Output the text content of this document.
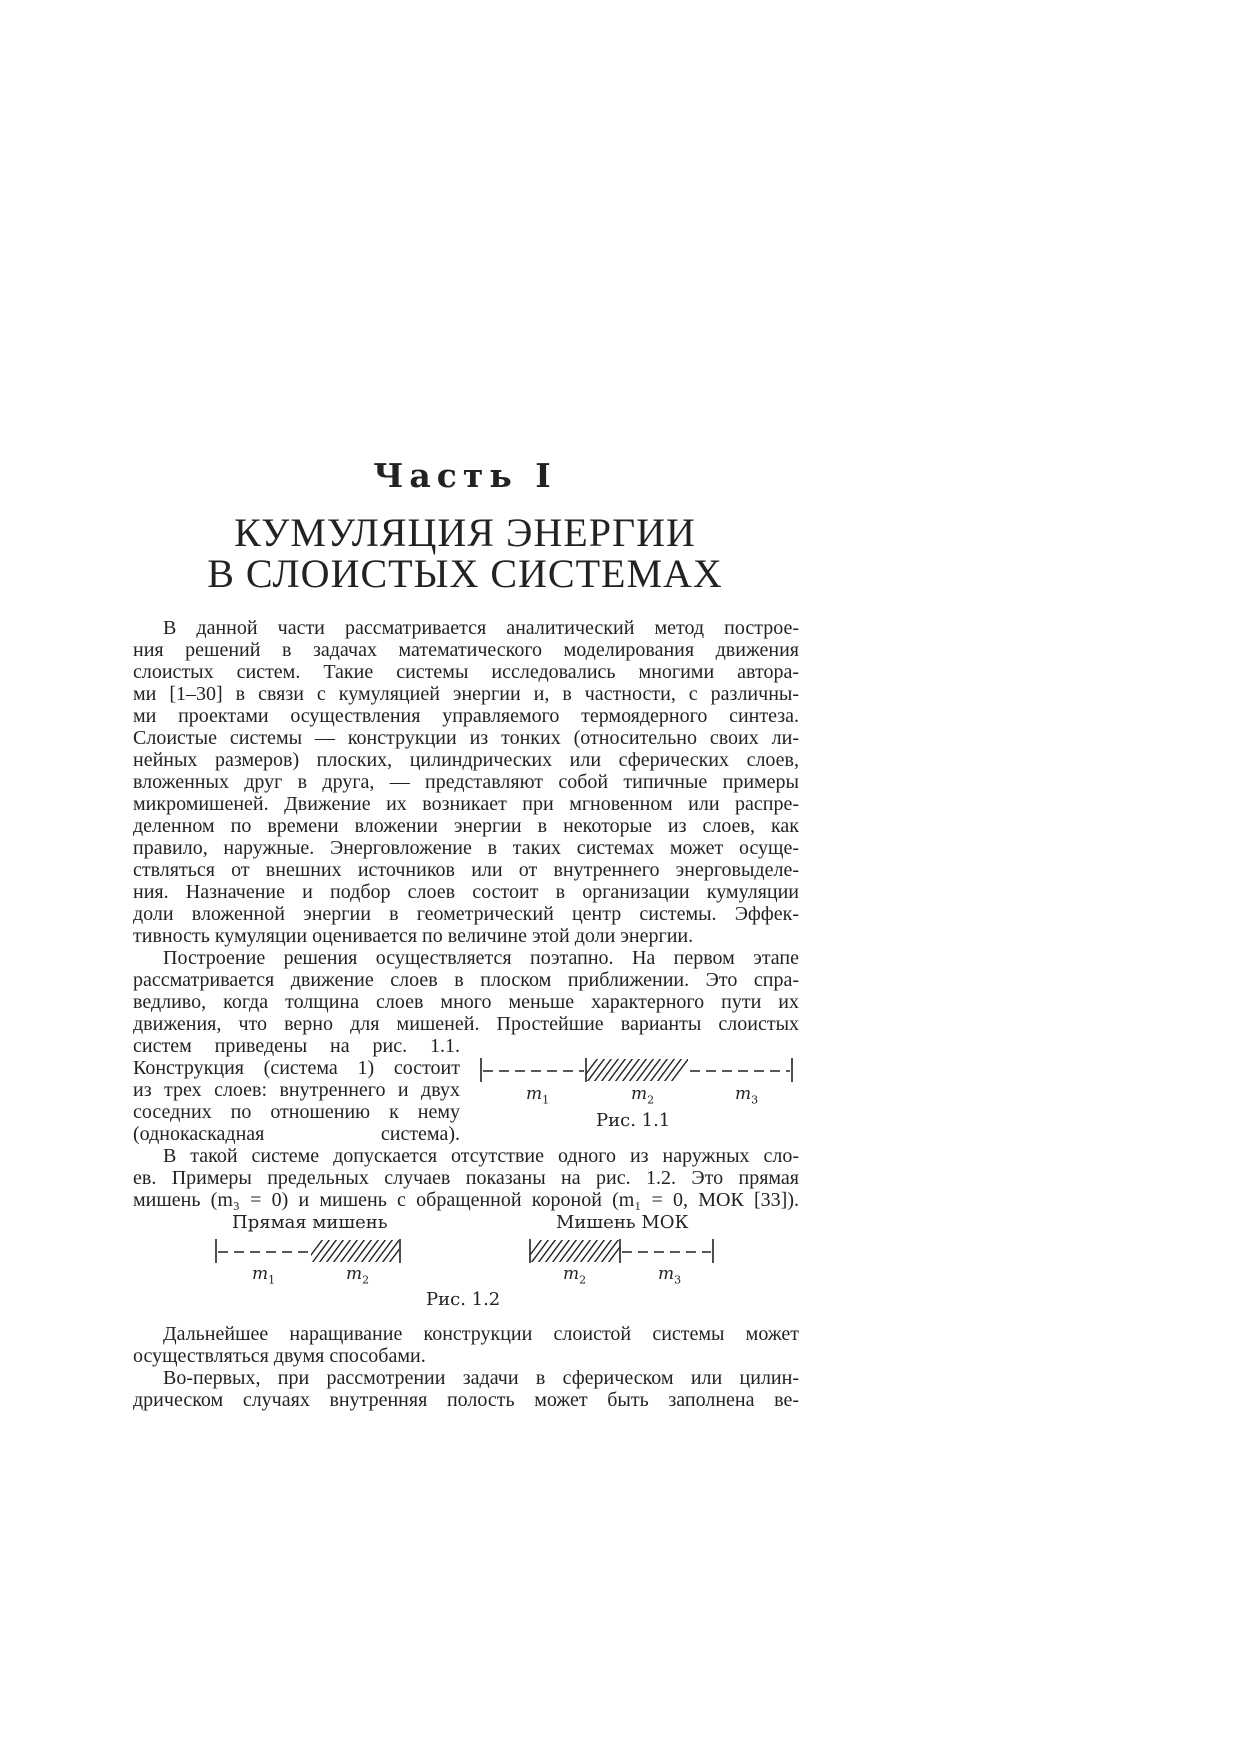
Часть I
КУМУЛЯЦИЯ ЭНЕРГИИ
В СЛОИСТЫХ СИСТЕМАХ
В данной части рассматривается аналитический метод построе-
ния решений в задачах математического моделирования движения
слоистых систем. Такие системы исследовались многими автора-
ми [1–30] в связи с кумуляцией энергии и, в частности, с различны-
ми проектами осуществления управляемого термоядерного синтеза.
Слоистые системы — конструкции из тонких (относительно своих ли-
нейных размеров) плоских, цилиндрических или сферических слоев,
вложенных друг в друга, — представляют собой типичные примеры
микромишеней. Движение их возникает при мгновенном или распре-
деленном по времени вложении энергии в некоторые из слоев, как
правило, наружные. Энерговложение в таких системах может осуще-
ствляться от внешних источников или от внутреннего энерговыделе-
ния. Назначение и подбор слоев состоит в организации кумуляции
доли вложенной энергии в геометрический центр системы. Эффек-
тивность кумуляции оценивается по величине этой доли энергии.
Построение решения осуществляется поэтапно. На первом этапе
рассматривается движение слоев в плоском приближении. Это спра-
ведливо, когда толщина слоев много меньше характерного пути их
движения, что верно для мишеней. Простейшие варианты слоистых
систем приведены на рис. 1.1.
Конструкция (система 1) состоит
из трех слоев: внутреннего и двух
соседних по отношению к нему
(однокаскадная система).
$m_1$	$m_2$	$m_3$
Рис. 1.1
В такой системе допускается отсутствие одного из наружных сло-
ев. Примеры предельных случаев показаны на рис. 1.2. Это прямая
мишень (m₃ = 0) и мишень с обращенной короной (m₁ = 0, МОК [33]).
Прямая мишень	Мишень МОК
$m_1$	$m_2$	$m_2$	$m_3$
Рис. 1.2
Дальнейшее наращивание конструкции слоистой системы может
осуществляться двумя способами.
Во-первых, при рассмотрении задачи в сферическом или цилин-
дрическом случаях внутренняя полость может быть заполнена ве-
